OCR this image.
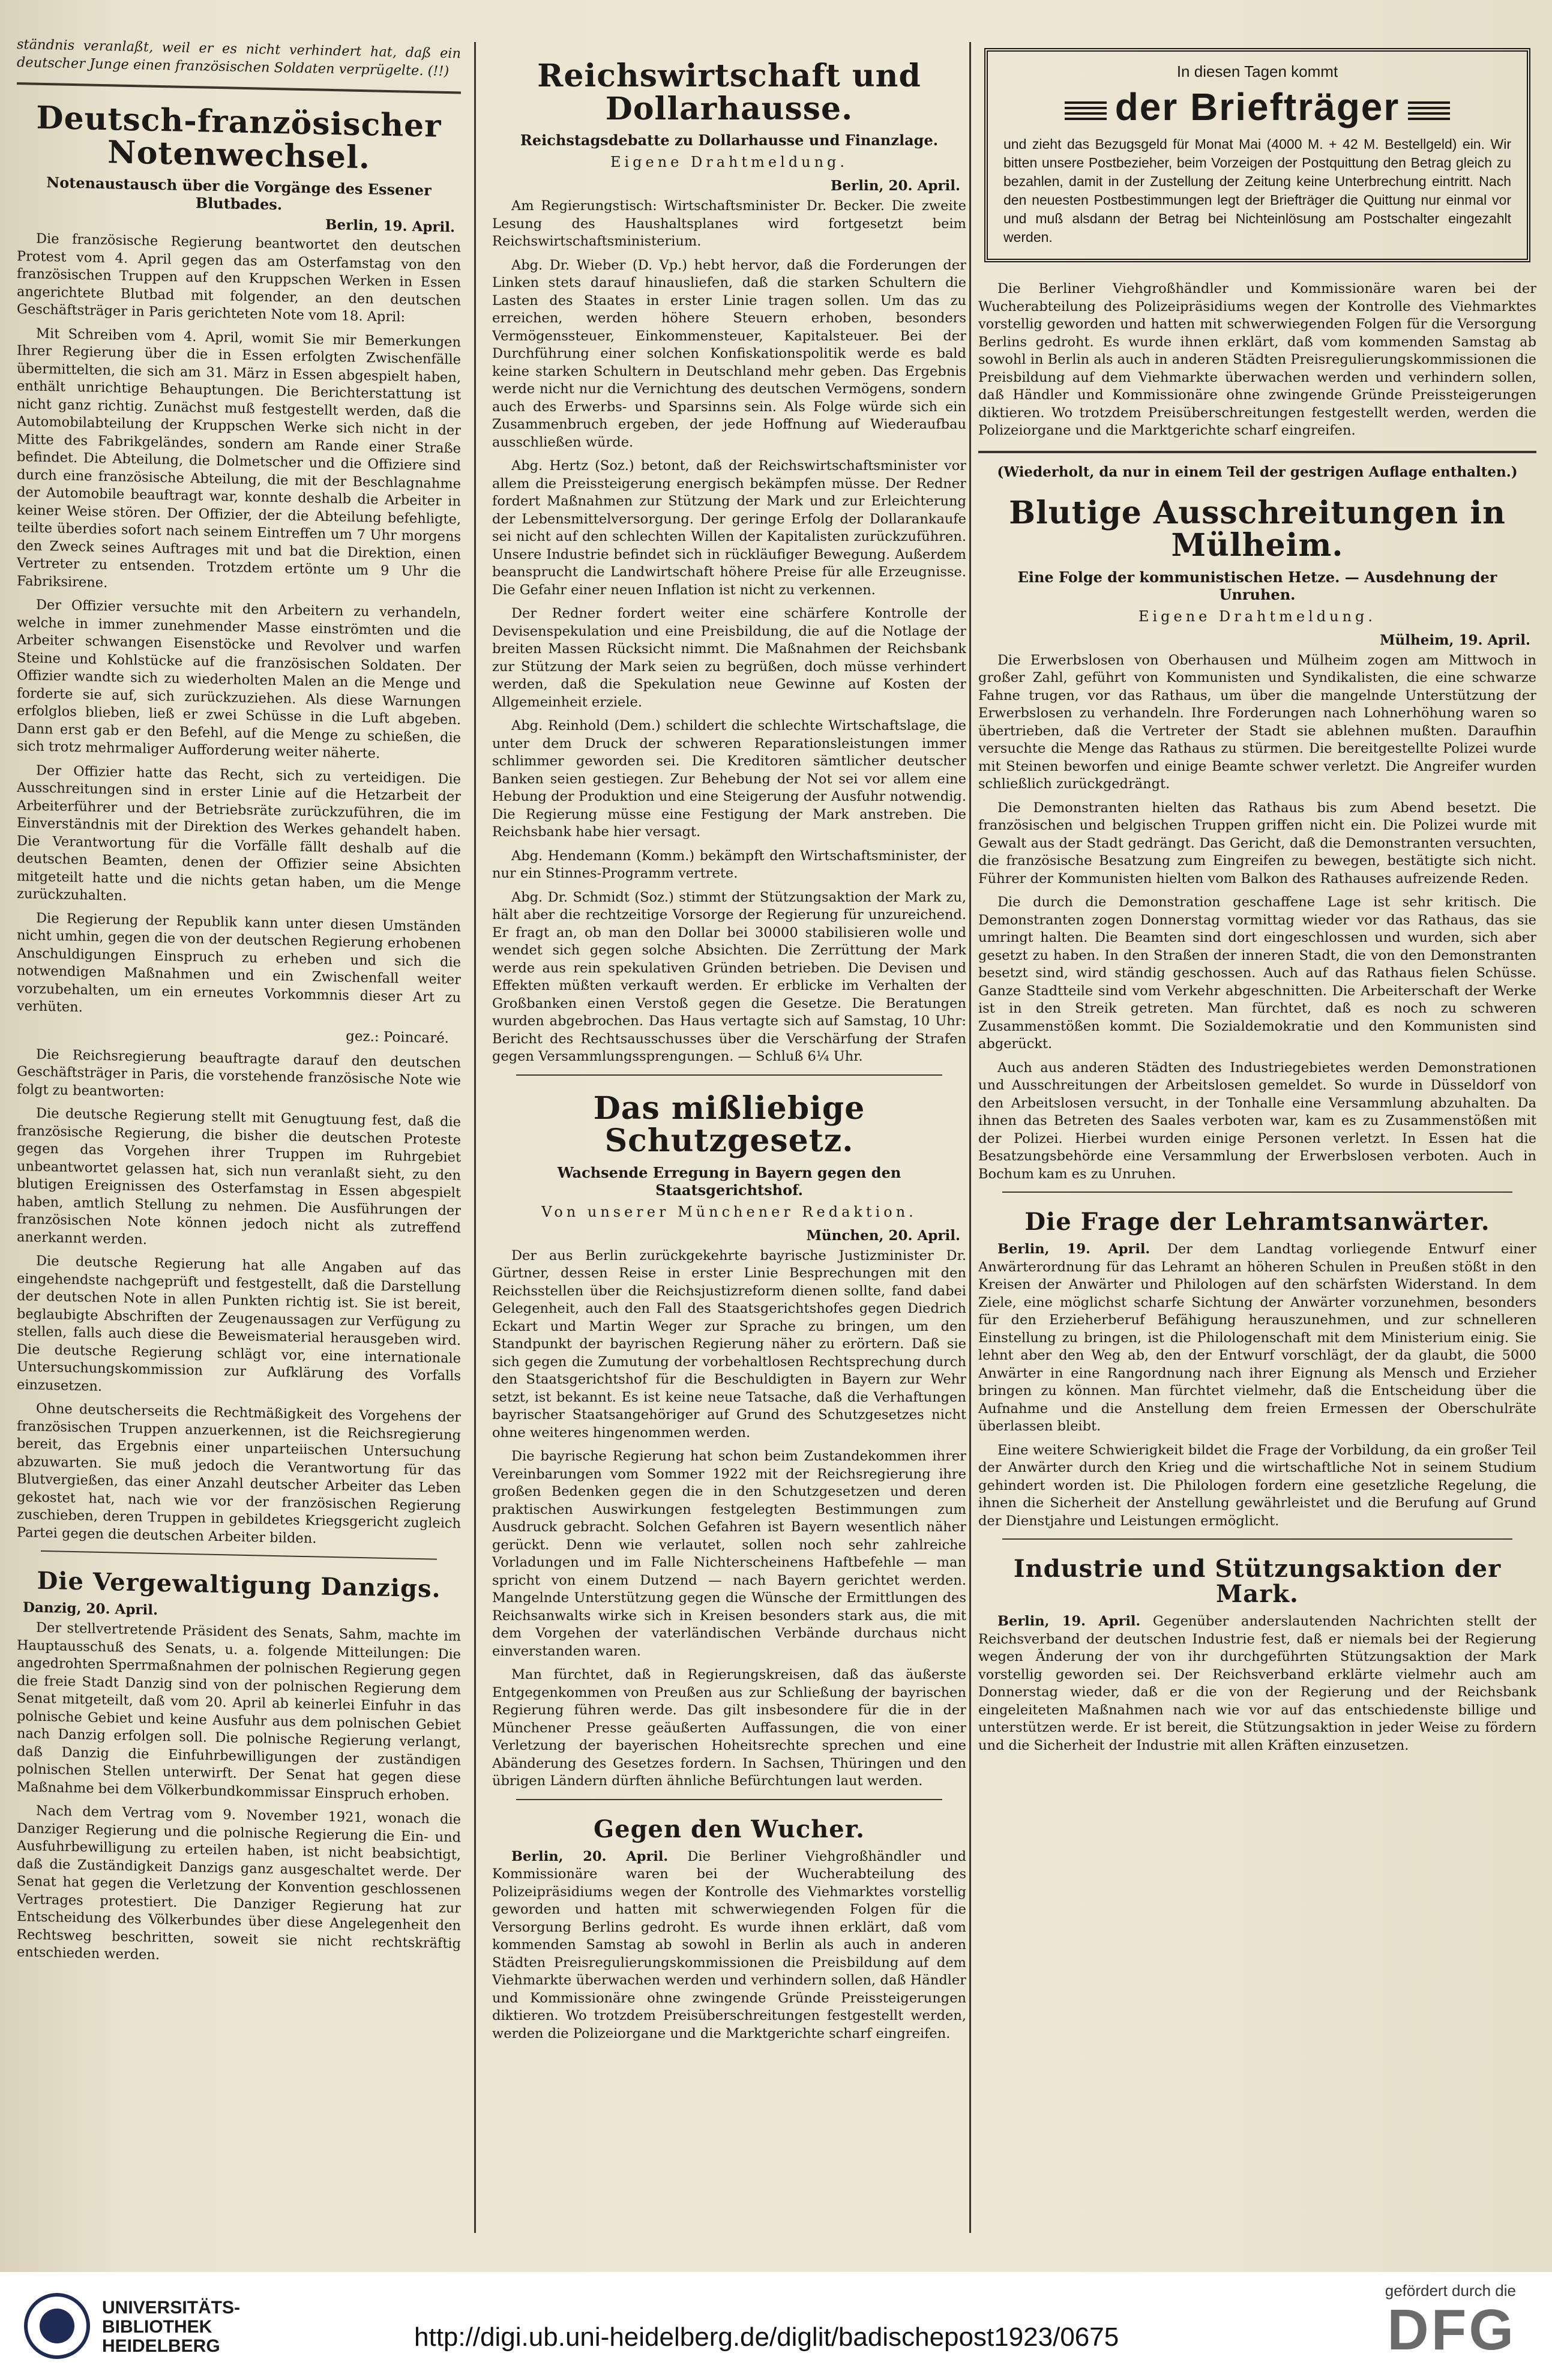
ständnis veranlaßt, weil er es nicht verhindert hat, daß ein deutscher Junge einen französischen Soldaten verprügelte. (!!)

Deutsch-französischer Notenwechsel.
Notenaustausch über die Vorgänge des Essener Blutbades.
Berlin, 19. April.

Die französische Regierung beantwortet den deutschen Protest vom 4. April gegen das am Osterfamstag von den französischen Truppen auf den Kruppschen Werken in Essen angerichtete Blutbad mit folgender, an den deutschen Geschäftsträger in Paris gerichteten Note vom 18. April:

Mit Schreiben vom 4. April, womit Sie mir Bemerkungen Ihrer Regierung über die in Essen erfolgten Zwischenfälle übermittelten, die sich am 31. März in Essen abgespielt haben, enthält unrichtige Behauptungen. Die Berichterstattung ist nicht ganz richtig. Zunächst muß festgestellt werden, daß die Automobilabteilung der Kruppschen Werke sich nicht in der Mitte des Fabrikgeländes, sondern am Rande einer Straße befindet. Die Abteilung, die Dolmetscher und die Offiziere sind durch eine französische Abteilung, die mit der Beschlagnahme der Automobile beauftragt war, konnte deshalb die Arbeiter in keiner Weise stören. Der Offizier, der die Abteilung befehligte, teilte überdies sofort nach seinem Eintreffen um 7 Uhr morgens den Zweck seines Auftrages mit und bat die Direktion, einen Vertreter zu entsenden. Trotzdem ertönte um 9 Uhr die Fabriksirene.

Der Offizier versuchte mit den Arbeitern zu verhandeln, welche in immer zunehmender Masse einströmten und die Arbeiter schwangen Eisenstöcke und Revolver und warfen Steine und Kohlstücke auf die französischen Soldaten. Der Offizier wandte sich zu wiederholten Malen an die Menge und forderte sie auf, sich zurückzuziehen. Als diese Warnungen erfolglos blieben, ließ er zwei Schüsse in die Luft abgeben. Dann erst gab er den Befehl, auf die Menge zu schießen, die sich trotz mehrmaliger Aufforderung weiter näherte.

Der Offizier hatte das Recht, sich zu verteidigen. Die Ausschreitungen sind in erster Linie auf die Hetzarbeit der Arbeiterführer und der Betriebsräte zurückzuführen, die im Einverständnis mit der Direktion des Werkes gehandelt haben. Die Verantwortung für die Vorfälle fällt deshalb auf die deutschen Beamten, denen der Offizier seine Absichten mitgeteilt hatte und die nichts getan haben, um die Menge zurückzuhalten.

Die Regierung der Republik kann unter diesen Umständen nicht umhin, gegen die von der deutschen Regierung erhobenen Anschuldigungen Einspruch zu erheben und sich die notwendigen Maßnahmen und ein Zwischenfall weiter vorzubehalten, um ein erneutes Vorkommnis dieser Art zu verhüten.

gez.: Poincaré.

Die Reichsregierung beauftragte darauf den deutschen Geschäftsträger in Paris, die vorstehende französische Note wie folgt zu beantworten:

Die deutsche Regierung stellt mit Genugtuung fest, daß die französische Regierung, die bisher die deutschen Proteste gegen das Vorgehen ihrer Truppen im Ruhrgebiet unbeantwortet gelassen hat, sich nun veranlaßt sieht, zu den blutigen Ereignissen des Osterfamstag in Essen abgespielt haben, amtlich Stellung zu nehmen. Die Ausführungen der französischen Note können jedoch nicht als zutreffend anerkannt werden.

Die deutsche Regierung hat alle Angaben auf das eingehendste nachgeprüft und festgestellt, daß die Darstellung der deutschen Note in allen Punkten richtig ist. Sie ist bereit, beglaubigte Abschriften der Zeugenaussagen zur Verfügung zu stellen, falls auch diese die Beweismaterial herausgeben wird. Die deutsche Regierung schlägt vor, eine internationale Untersuchungskommission zur Aufklärung des Vorfalls einzusetzen.

Ohne deutscherseits die Rechtmäßigkeit des Vorgehens der französischen Truppen anzuerkennen, ist die Reichsregierung bereit, das Ergebnis einer unparteiischen Untersuchung abzuwarten. Sie muß jedoch die Verantwortung für das Blutvergießen, das einer Anzahl deutscher Arbeiter das Leben gekostet hat, nach wie vor der französischen Regierung zuschieben, deren Truppen in gebildetes Kriegsgericht zugleich Partei gegen die deutschen Arbeiter bilden.

Die Vergewaltigung Danzigs.
Danzig, 20. April.

Der stellvertretende Präsident des Senats, Sahm, machte im Hauptausschuß des Senats, u. a. folgende Mitteilungen: Die angedrohten Sperrmaßnahmen der polnischen Regierung gegen die freie Stadt Danzig sind von der polnischen Regierung dem Senat mitgeteilt, daß vom 20. April ab keinerlei Einfuhr in das polnische Gebiet und keine Ausfuhr aus dem polnischen Gebiet nach Danzig erfolgen soll. Die polnische Regierung verlangt, daß Danzig die Einfuhrbewilligungen der zuständigen polnischen Stellen unterwirft. Der Senat hat gegen diese Maßnahme bei dem Völkerbundkommissar Einspruch erhoben.

Nach dem Vertrag vom 9. November 1921, wonach die Danziger Regierung und die polnische Regierung die Ein- und Ausfuhrbewilligung zu erteilen haben, ist nicht beabsichtigt, daß die Zuständigkeit Danzigs ganz ausgeschaltet werde. Der Senat hat gegen die Verletzung der Konvention geschlossenen Vertrages protestiert. Die Danziger Regierung hat zur Entscheidung des Völkerbundes über diese Angelegenheit den Rechtsweg beschritten, soweit sie nicht rechtskräftig entschieden werden.

Reichswirtschaft und Dollarhausse.
Reichstagsdebatte zu Dollarhausse und Finanzlage.
Eigene Drahtmeldung.
Berlin, 20. April.

Am Regierungstisch: Wirtschaftsminister Dr. Becker. Die zweite Lesung des Haushaltsplanes wird fortgesetzt beim Reichswirtschaftsministerium.

Abg. Dr. Wieber (D. Vp.) hebt hervor, daß die Forderungen der Linken stets darauf hinausliefen, daß die starken Schultern die Lasten des Staates in erster Linie tragen sollen. Um das zu erreichen, werden höhere Steuern erhoben, besonders Vermögenssteuer, Einkommensteuer, Kapitalsteuer. Bei der Durchführung einer solchen Konfiskationspolitik werde es bald keine starken Schultern in Deutschland mehr geben. Das Ergebnis werde nicht nur die Vernichtung des deutschen Vermögens, sondern auch des Erwerbs- und Sparsinns sein. Als Folge würde sich ein Zusammenbruch ergeben, der jede Hoffnung auf Wiederaufbau ausschließen würde.

Abg. Hertz (Soz.) betont, daß der Reichswirtschaftsminister vor allem die Preissteigerung energisch bekämpfen müsse. Der Redner fordert Maßnahmen zur Stützung der Mark und zur Erleichterung der Lebensmittelversorgung. Der geringe Erfolg der Dollarankaufe sei nicht auf den schlechten Willen der Kapitalisten zurückzuführen. Unsere Industrie befindet sich in rückläufiger Bewegung. Außerdem beansprucht die Landwirtschaft höhere Preise für alle Erzeugnisse. Die Gefahr einer neuen Inflation ist nicht zu verkennen.

Der Redner fordert weiter eine schärfere Kontrolle der Devisenspekulation und eine Preisbildung, die auf die Notlage der breiten Massen Rücksicht nimmt. Die Maßnahmen der Reichsbank zur Stützung der Mark seien zu begrüßen, doch müsse verhindert werden, daß die Spekulation neue Gewinne auf Kosten der Allgemeinheit erziele.

Abg. Reinhold (Dem.) schildert die schlechte Wirtschaftslage, die unter dem Druck der schweren Reparationsleistungen immer schlimmer geworden sei. Die Kreditoren sämtlicher deutscher Banken seien gestiegen. Zur Behebung der Not sei vor allem eine Hebung der Produktion und eine Steigerung der Ausfuhr notwendig. Die Regierung müsse eine Festigung der Mark anstreben. Die Reichsbank habe hier versagt.

Abg. Hendemann (Komm.) bekämpft den Wirtschaftsminister, der nur ein Stinnes-Programm vertrete.

Abg. Dr. Schmidt (Soz.) stimmt der Stützungsaktion der Mark zu, hält aber die rechtzeitige Vorsorge der Regierung für unzureichend. Er fragt an, ob man den Dollar bei 30000 stabilisieren wolle und wendet sich gegen solche Absichten. Die Zerrüttung der Mark werde aus rein spekulativen Gründen betrieben. Die Devisen und Effekten müßten verkauft werden. Er erblicke im Verhalten der Großbanken einen Verstoß gegen die Gesetze. Die Beratungen wurden abgebrochen. Das Haus vertagte sich auf Samstag, 10 Uhr: Bericht des Rechtsausschusses über die Verschärfung der Strafen gegen Versammlungssprengungen. — Schluß 6¼ Uhr.

Das mißliebige Schutzgesetz.
Wachsende Erregung in Bayern gegen den Staatsgerichtshof.
Von unserer Münchener Redaktion.
München, 20. April.

Der aus Berlin zurückgekehrte bayrische Justizminister Dr. Gürtner, dessen Reise in erster Linie Besprechungen mit den Reichsstellen über die Reichsjustizreform dienen sollte, fand dabei Gelegenheit, auch den Fall des Staatsgerichtshofes gegen Diedrich Eckart und Martin Weger zur Sprache zu bringen, um den Standpunkt der bayrischen Regierung näher zu erörtern. Daß sie sich gegen die Zumutung der vorbehaltlosen Rechtsprechung durch den Staatsgerichtshof für die Beschuldigten in Bayern zur Wehr setzt, ist bekannt. Es ist keine neue Tatsache, daß die Verhaftungen bayrischer Staatsangehöriger auf Grund des Schutzgesetzes nicht ohne weiteres hingenommen werden.

Die bayrische Regierung hat schon beim Zustandekommen ihrer Vereinbarungen vom Sommer 1922 mit der Reichsregierung ihre großen Bedenken gegen die in den Schutzgesetzen und deren praktischen Auswirkungen festgelegten Bestimmungen zum Ausdruck gebracht. Solchen Gefahren ist Bayern wesentlich näher gerückt. Denn wie verlautet, sollen noch sehr zahlreiche Vorladungen und im Falle Nichterscheinens Haftbefehle — man spricht von einem Dutzend — nach Bayern gerichtet werden. Mangelnde Unterstützung gegen die Wünsche der Ermittlungen des Reichsanwalts wirke sich in Kreisen besonders stark aus, die mit dem Vorgehen der vaterländischen Verbände durchaus nicht einverstanden waren.

Man fürchtet, daß in Regierungskreisen, daß das äußerste Entgegenkommen von Preußen aus zur Schließung der bayrischen Regierung führen werde. Das gilt insbesondere für die in der Münchener Presse geäußerten Auffassungen, die von einer Verletzung der bayerischen Hoheitsrechte sprechen und eine Abänderung des Gesetzes fordern. In Sachsen, Thüringen und den übrigen Ländern dürften ähnliche Befürchtungen laut werden.

Gegen den Wucher.

Berlin, 20. April. Die Berliner Viehgroßhändler und Kommissionäre waren bei der Wucherabteilung des Polizeipräsidiums wegen der Kontrolle des Viehmarktes vorstellig geworden und hatten mit schwerwiegenden Folgen für die Versorgung Berlins gedroht. Es wurde ihnen erklärt, daß vom kommenden Samstag ab sowohl in Berlin als auch in anderen Städten Preisregulierungskommissionen die Preisbildung auf dem Viehmarkte überwachen werden und verhindern sollen, daß Händler und Kommissionäre ohne zwingende Gründe Preissteigerungen diktieren. Wo trotzdem Preisüberschreitungen festgestellt werden, werden die Polizeiorgane und die Marktgerichte scharf eingreifen.

In diesen Tagen kommt
der Briefträger

und zieht das Bezugsgeld für Monat Mai (4000 M. + 42 M. Bestellgeld) ein. Wir bitten unsere Postbezieher, beim Vorzeigen der Postquittung den Betrag gleich zu bezahlen, damit in der Zustellung der Zeitung keine Unterbrechung eintritt. Nach den neuesten Postbestimmungen legt der Briefträger die Quittung nur einmal vor und muß alsdann der Betrag bei Nichteinlösung am Postschalter eingezahlt werden.

Die Berliner Viehgroßhändler und Kommissionäre waren bei der Wucherabteilung des Polizeipräsidiums wegen der Kontrolle des Viehmarktes vorstellig geworden und hatten mit schwerwiegenden Folgen für die Versorgung Berlins gedroht. Es wurde ihnen erklärt, daß vom kommenden Samstag ab sowohl in Berlin als auch in anderen Städten Preisregulierungskommissionen die Preisbildung auf dem Viehmarkte überwachen werden und verhindern sollen, daß Händler und Kommissionäre ohne zwingende Gründe Preissteigerungen diktieren. Wo trotzdem Preisüberschreitungen festgestellt werden, werden die Polizeiorgane und die Marktgerichte scharf eingreifen.

(Wiederholt, da nur in einem Teil der gestrigen Auflage enthalten.)
Blutige Ausschreitungen in Mülheim.
Eine Folge der kommunistischen Hetze. — Ausdehnung der Unruhen.
Eigene Drahtmeldung.
Mülheim, 19. April.

Die Erwerbslosen von Oberhausen und Mülheim zogen am Mittwoch in großer Zahl, geführt von Kommunisten und Syndikalisten, die eine schwarze Fahne trugen, vor das Rathaus, um über die mangelnde Unterstützung der Erwerbslosen zu verhandeln. Ihre Forderungen nach Lohnerhöhung waren so übertrieben, daß die Vertreter der Stadt sie ablehnen mußten. Daraufhin versuchte die Menge das Rathaus zu stürmen. Die bereitgestellte Polizei wurde mit Steinen beworfen und einige Beamte schwer verletzt. Die Angreifer wurden schließlich zurückgedrängt.

Die Demonstranten hielten das Rathaus bis zum Abend besetzt. Die französischen und belgischen Truppen griffen nicht ein. Die Polizei wurde mit Gewalt aus der Stadt gedrängt. Das Gericht, daß die Demonstranten versuchten, die französische Besatzung zum Eingreifen zu bewegen, bestätigte sich nicht. Führer der Kommunisten hielten vom Balkon des Rathauses aufreizende Reden.

Die durch die Demonstration geschaffene Lage ist sehr kritisch. Die Demonstranten zogen Donnerstag vormittag wieder vor das Rathaus, das sie umringt halten. Die Beamten sind dort eingeschlossen und wurden, sich aber gesetzt zu haben. In den Straßen der inneren Stadt, die von den Demonstranten besetzt sind, wird ständig geschossen. Auch auf das Rathaus fielen Schüsse. Ganze Stadtteile sind vom Verkehr abgeschnitten. Die Arbeiterschaft der Werke ist in den Streik getreten. Man fürchtet, daß es noch zu schweren Zusammenstößen kommt. Die Sozialdemokratie und den Kommunisten sind abgerückt.

Auch aus anderen Städten des Industriegebietes werden Demonstrationen und Ausschreitungen der Arbeitslosen gemeldet. So wurde in Düsseldorf von den Arbeitslosen versucht, in der Tonhalle eine Versammlung abzuhalten. Da ihnen das Betreten des Saales verboten war, kam es zu Zusammenstößen mit der Polizei. Hierbei wurden einige Personen verletzt. In Essen hat die Besatzungsbehörde eine Versammlung der Erwerbslosen verboten. Auch in Bochum kam es zu Unruhen.

Die Frage der Lehramtsanwärter.

Berlin, 19. April. Der dem Landtag vorliegende Entwurf einer Anwärterordnung für das Lehramt an höheren Schulen in Preußen stößt in den Kreisen der Anwärter und Philologen auf den schärfsten Widerstand. In dem Ziele, eine möglichst scharfe Sichtung der Anwärter vorzunehmen, besonders für den Erzieherberuf Befähigung herauszunehmen, und zur schnelleren Einstellung zu bringen, ist die Philologenschaft mit dem Ministerium einig. Sie lehnt aber den Weg ab, den der Entwurf vorschlägt, der da glaubt, die 5000 Anwärter in eine Rangordnung nach ihrer Eignung als Mensch und Erzieher bringen zu können. Man fürchtet vielmehr, daß die Entscheidung über die Aufnahme und die Anstellung dem freien Ermessen der Oberschulräte überlassen bleibt.

Eine weitere Schwierigkeit bildet die Frage der Vorbildung, da ein großer Teil der Anwärter durch den Krieg und die wirtschaftliche Not in seinem Studium gehindert worden ist. Die Philologen fordern eine gesetzliche Regelung, die ihnen die Sicherheit der Anstellung gewährleistet und die Berufung auf Grund der Dienstjahre und Leistungen ermöglicht.

Industrie und Stützungsaktion der Mark.

Berlin, 19. April. Gegenüber anderslautenden Nachrichten stellt der Reichsverband der deutschen Industrie fest, daß er niemals bei der Regierung wegen Änderung der von ihr durchgeführten Stützungsaktion der Mark vorstellig geworden sei. Der Reichsverband erklärte vielmehr auch am Donnerstag wieder, daß er die von der Regierung und der Reichsbank eingeleiteten Maßnahmen nach wie vor auf das entschiedenste billige und unterstützen werde. Er ist bereit, die Stützungsaktion in jeder Weise zu fördern und die Sicherheit der Industrie mit allen Kräften einzusetzen.

UNIVERSITÄTS-
BIBLIOTHEK
HEIDELBERG	http://digi.ub.uni-heidelberg.de/diglit/badischepost1923/0675
gefördert durch die
DFG
